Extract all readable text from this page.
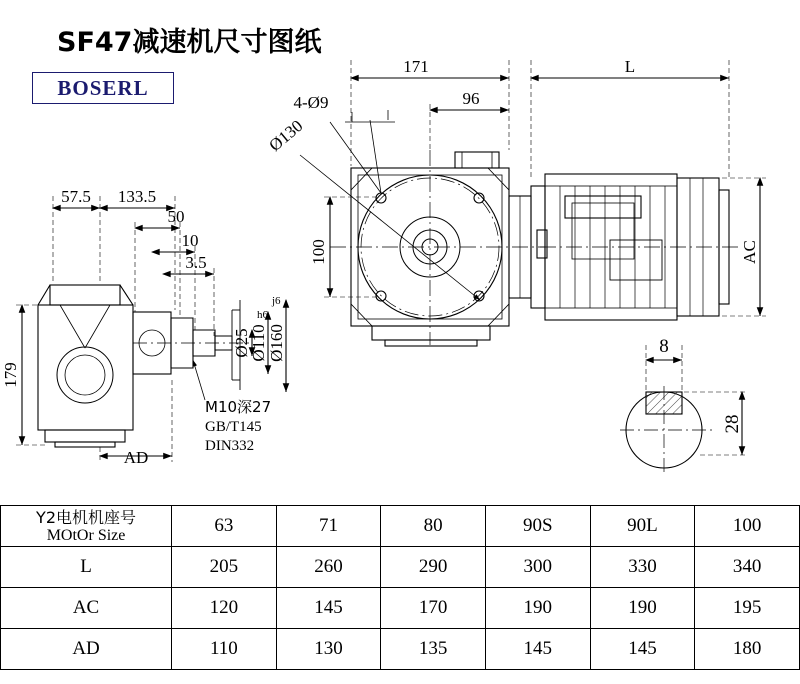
SF47减速机尺寸图纸
BOSERL
171	L
96
4-Ø9
Ø130
100	AC
57.5 133.5
50
10
3.5
Ø25
h6
Ø110
j6
Ø160
179
AD
M10深27
GB/T145
DIN332
8
28
Y2电机机座号
MOtOr Size	63	71	80	90S	90L	100
L	205	260	290	300	330	340
AC	120	145	170	190	190	195
AD	110	130	135	145	145	180
